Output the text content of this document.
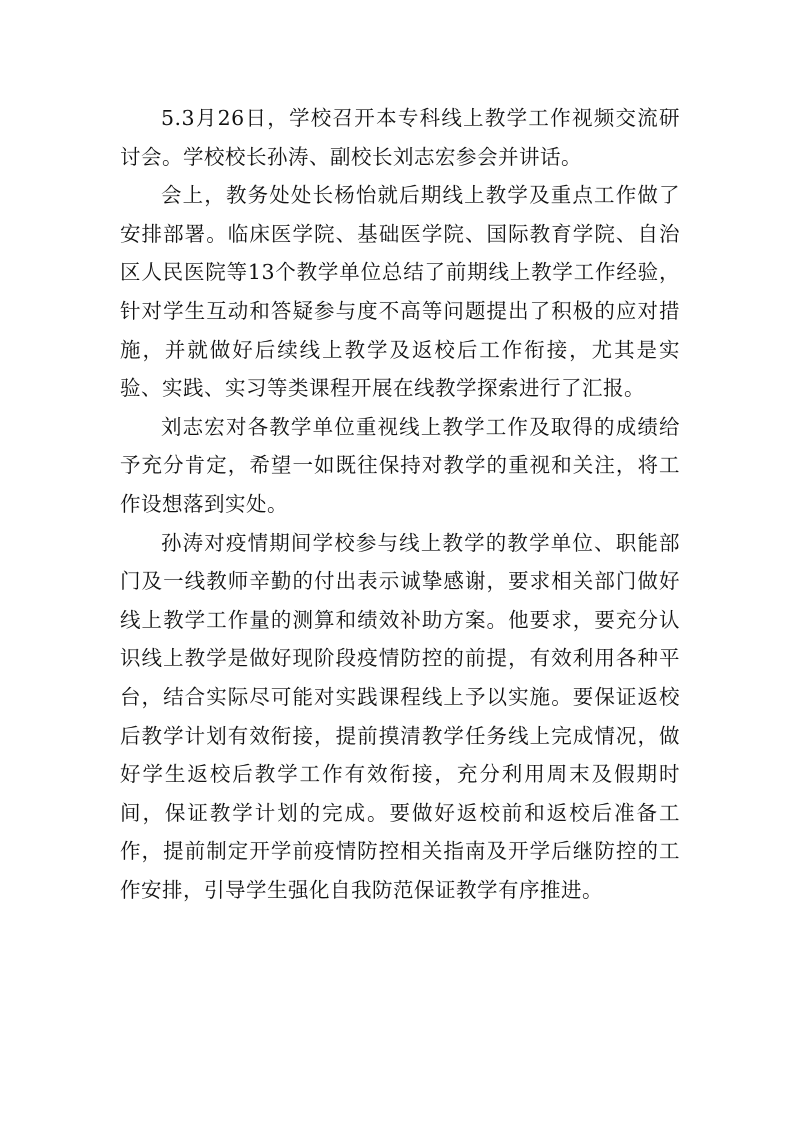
5.3月26日，学校召开本专科线上教学工作视频交流研讨会。学校校长孙涛、副校长刘志宏参会并讲话。

会上，教务处处长杨怡就后期线上教学及重点工作做了安排部署。临床医学院、基础医学院、国际教育学院、自治区人民医院等13个教学单位总结了前期线上教学工作经验，针对学生互动和答疑参与度不高等问题提出了积极的应对措施，并就做好后续线上教学及返校后工作衔接，尤其是实验、实践、实习等类课程开展在线教学探索进行了汇报。

刘志宏对各教学单位重视线上教学工作及取得的成绩给予充分肯定，希望一如既往保持对教学的重视和关注，将工作设想落到实处。

孙涛对疫情期间学校参与线上教学的教学单位、职能部门及一线教师辛勤的付出表示诚挚感谢，要求相关部门做好线上教学工作量的测算和绩效补助方案。他要求，要充分认识线上教学是做好现阶段疫情防控的前提，有效利用各种平台，结合实际尽可能对实践课程线上予以实施。要保证返校后教学计划有效衔接，提前摸清教学任务线上完成情况，做好学生返校后教学工作有效衔接，充分利用周末及假期时间，保证教学计划的完成。要做好返校前和返校后准备工作，提前制定开学前疫情防控相关指南及开学后继防控的工作安排，引导学生强化自我防范保证教学有序推进。
